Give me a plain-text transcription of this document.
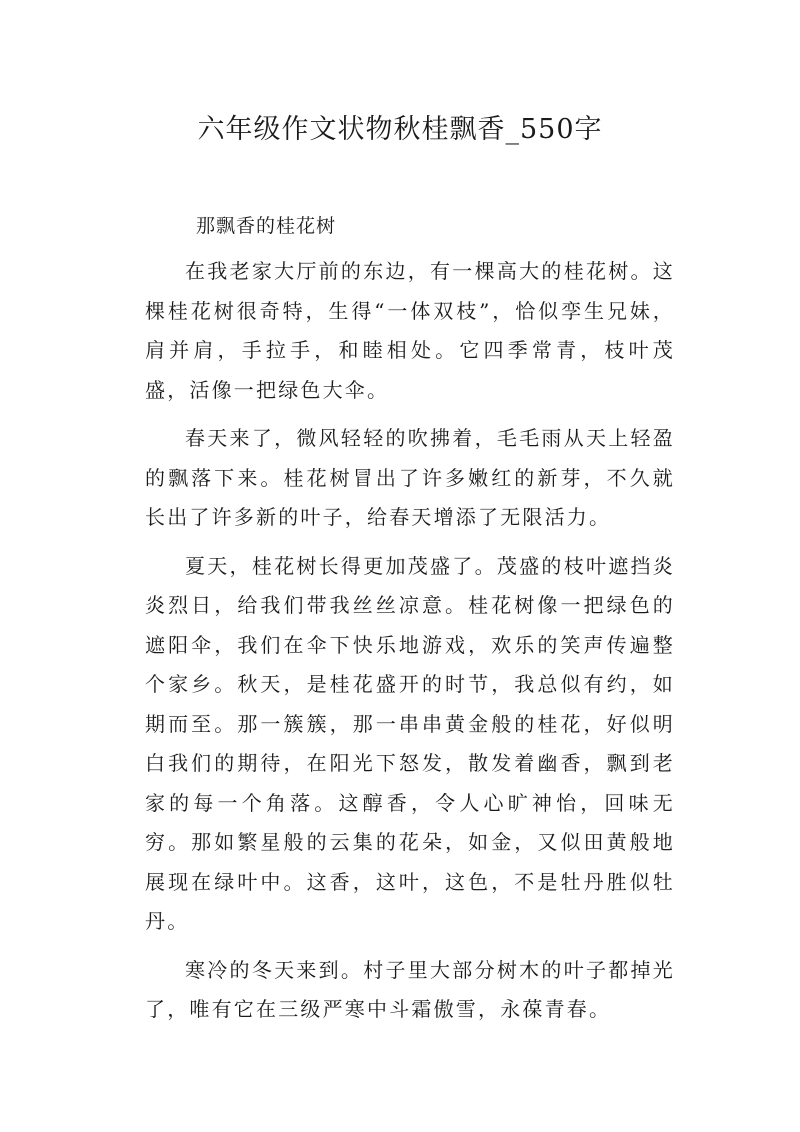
六年级作文状物秋桂飘香_550字

那飘香的桂花树

在我老家大厅前的东边，有一棵高大的桂花树。这棵桂花树很奇特，生得“一体双枝”，恰似孪生兄妹，肩并肩，手拉手，和睦相处。它四季常青，枝叶茂盛，活像一把绿色大伞。

春天来了，微风轻轻的吹拂着，毛毛雨从天上轻盈的飘落下来。桂花树冒出了许多嫩红的新芽，不久就长出了许多新的叶子，给春天增添了无限活力。

夏天，桂花树长得更加茂盛了。茂盛的枝叶遮挡炎炎烈日，给我们带我丝丝凉意。桂花树像一把绿色的遮阳伞，我们在伞下快乐地游戏，欢乐的笑声传遍整个家乡。秋天，是桂花盛开的时节，我总似有约，如期而至。那一簇簇，那一串串黄金般的桂花，好似明白我们的期待，在阳光下怒发，散发着幽香，飘到老家的每一个角落。这醇香，令人心旷神怡，回味无穷。那如繁星般的云集的花朵，如金，又似田黄般地展现在绿叶中。这香，这叶，这色，不是牡丹胜似牡丹。

寒冷的冬天来到。村子里大部分树木的叶子都掉光了，唯有它在三级严寒中斗霜傲雪，永葆青春。
